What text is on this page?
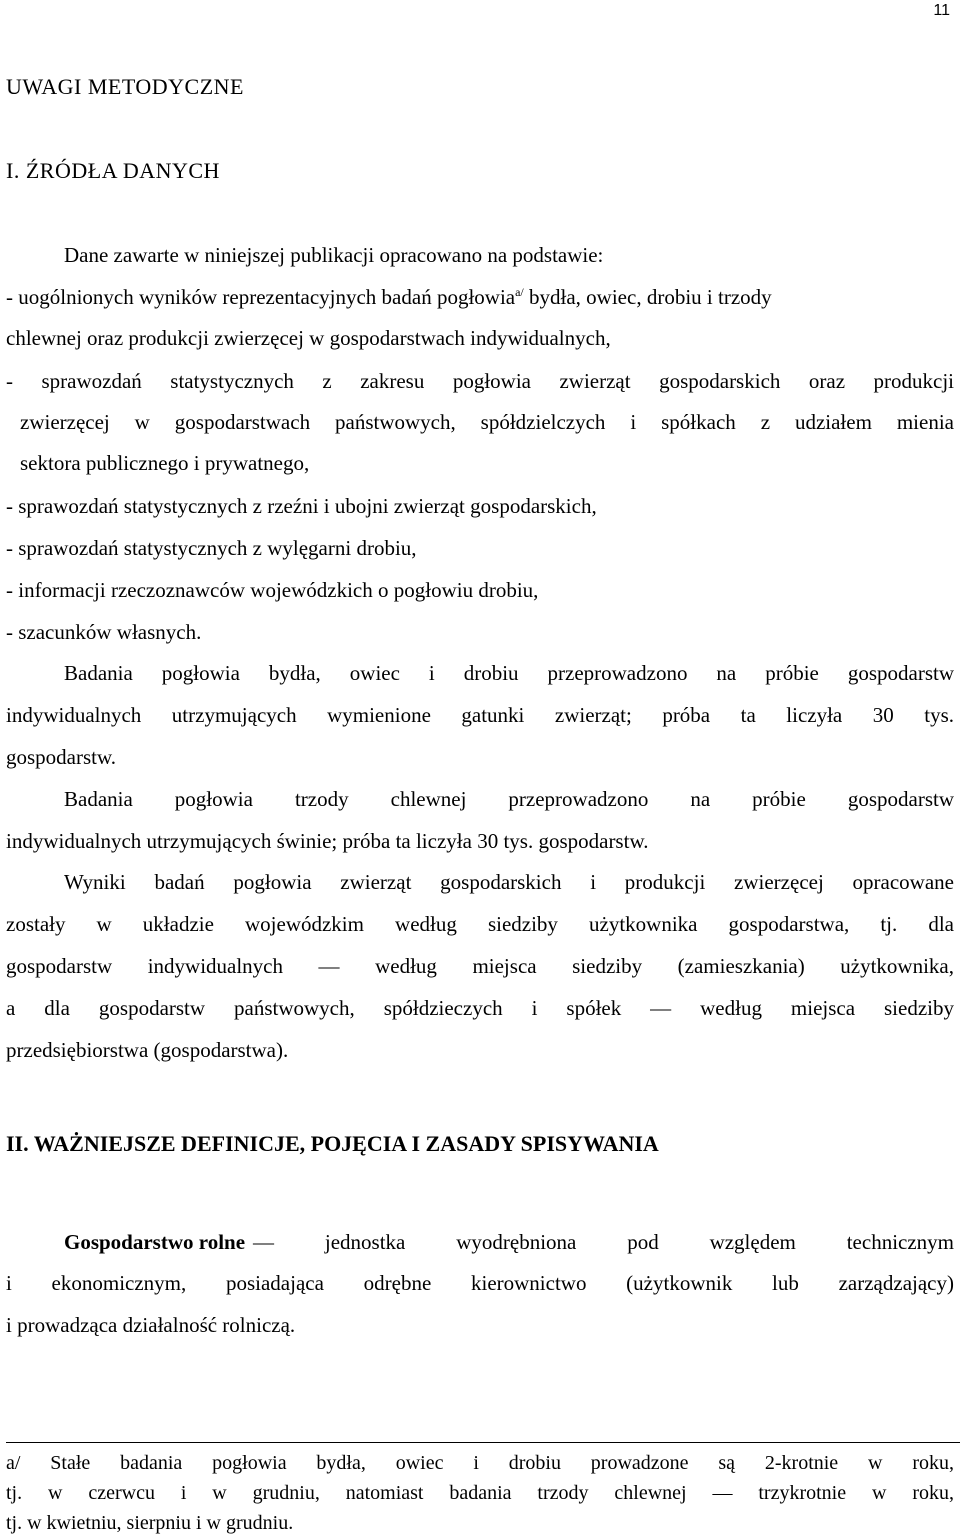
11
UWAGI METODYCZNE
I. ŹRÓDŁA DANYCH
Dane zawarte w niniejszej publikacji opracowano na podstawie:
- uogólnionych wyników reprezentacyjnych badań pogłowia$^{a/}$ bydła, owiec, drobiu i trzody
chlewnej oraz produkcji zwierzęcej w gospodarstwach indywidualnych,
- sprawozdań statystycznych z zakresu pogłowia zwierząt gospodarskich oraz produkcji
zwierzęcej w gospodarstwach państwowych, spółdzielczych i spółkach z udziałem mienia
sektora publicznego i prywatnego,
- sprawozdań statystycznych z rzeźni i ubojni zwierząt gospodarskich,
- sprawozdań statystycznych z wylęgarni drobiu,
- informacji rzeczoznawców wojewódzkich o pogłowiu drobiu,
- szacunków własnych.
Badania pogłowia bydła, owiec i drobiu przeprowadzono na próbie gospodarstw
indywidualnych utrzymujących wymienione gatunki zwierząt; próba ta liczyła 30 tys.
gospodarstw.
Badania pogłowia trzody chlewnej przeprowadzono na próbie gospodarstw
indywidualnych utrzymujących świnie; próba ta liczyła 30 tys. gospodarstw.
Wyniki badań pogłowia zwierząt gospodarskich i produkcji zwierzęcej opracowane
zostały w układzie wojewódzkim według siedziby użytkownika gospodarstwa, tj. dla
gospodarstw indywidualnych — według miejsca siedziby (zamieszkania) użytkownika,
a dla gospodarstw państwowych, spółdzieczych i spółek — według miejsca siedziby
przedsiębiorstwa (gospodarstwa).
II. WAŻNIEJSZE DEFINICJE, POJĘCIA I ZASADY SPISYWANIA
Gospodarstwo rolne — jednostka wyodrębniona pod względem technicznym
i ekonomicznym, posiadająca odrębne kierownictwo (użytkownik lub zarządzający)
i prowadząca działalność rolniczą.
a/ Stałe badania pogłowia bydła, owiec i drobiu prowadzone są 2-krotnie w roku,
tj. w czerwcu i w grudniu, natomiast badania trzody chlewnej — trzykrotnie w roku,
tj. w kwietniu, sierpniu i w grudniu.
